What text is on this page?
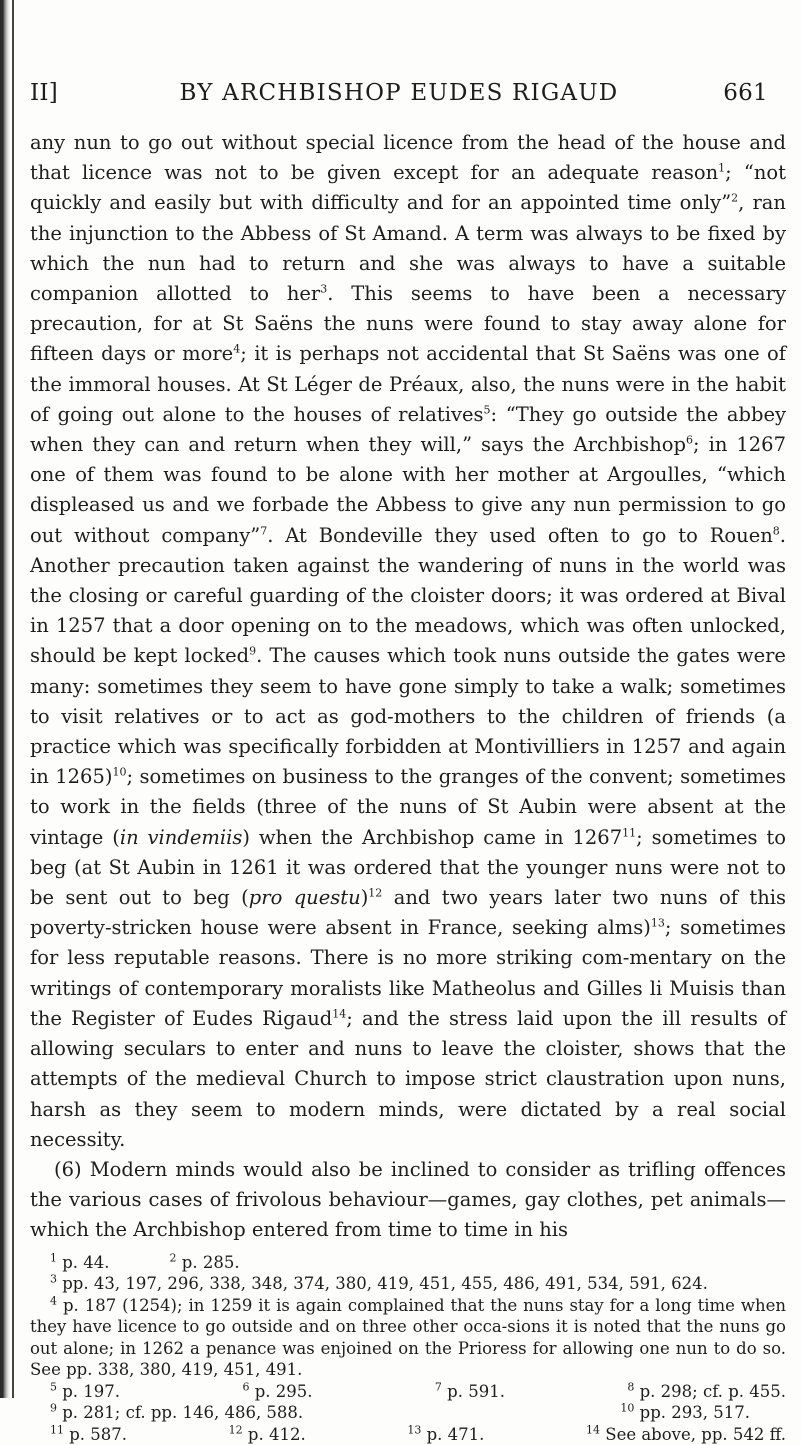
II]	BY ARCHBISHOP EUDES RIGAUD	661

any nun to go out without special licence from the head of the house and that licence was not to be given except for an adequate reason$^1$; “not quickly and easily but with difficulty and for an appointed time only”$^2$, ran the injunction to the Abbess of St Amand. A term was always to be fixed by which the nun had to return and she was always to have a suitable companion allotted to her$^3$. This seems to have been a necessary precaution, for at St Saëns the nuns were found to stay away alone for fifteen days or more$^4$; it is perhaps not accidental that St Saëns was one of the immoral houses. At St Léger de Préaux, also, the nuns were in the habit of going out alone to the houses of relatives$^5$: “They go outside the abbey when they can and return when they will,” says the Archbishop$^6$; in 1267 one of them was found to be alone with her mother at Argoulles, “which displeased us and we forbade the Abbess to give any nun permission to go out without company”$^7$. At Bondeville they used often to go to Rouen$^8$. Another precaution taken against the wandering of nuns in the world was the closing or careful guarding of the cloister doors; it was ordered at Bival in 1257 that a door opening on to the meadows, which was often unlocked, should be kept locked$^9$. The causes which took nuns outside the gates were many: sometimes they seem to have gone simply to take a walk; sometimes to visit relatives or to act as god-mothers to the children of friends (a practice which was specifically forbidden at Montivilliers in 1257 and again in 1265)$^{10}$; sometimes on business to the granges of the convent; sometimes to work in the fields (three of the nuns of St Aubin were absent at the vintage (in vindemiis) when the Archbishop came in 1267$^{11}$; sometimes to beg (at St Aubin in 1261 it was ordered that the younger nuns were not to be sent out to beg (pro questu)$^{12}$ and two years later two nuns of this poverty-stricken house were absent in France, seeking alms)$^{13}$; sometimes for less reputable reasons. There is no more striking com-mentary on the writings of contemporary moralists like Matheolus and Gilles li Muisis than the Register of Eudes Rigaud$^{14}$; and the stress laid upon the ill results of allowing seculars to enter and nuns to leave the cloister, shows that the attempts of the medieval Church to impose strict claustration upon nuns, harsh as they seem to modern minds, were dictated by a real social necessity.

(6) Modern minds would also be inclined to consider as trifling offences the various cases of frivolous behaviour—games, gay clothes, pet animals—which the Archbishop entered from time to time in his

$^1$ p. 44.	$^2$ p. 285.

$^3$ pp. 43, 197, 296, 338, 348, 374, 380, 419, 451, 455, 486, 491, 534, 591, 624.

$^4$ p. 187 (1254); in 1259 it is again complained that the nuns stay for a long time when they have licence to go outside and on three other occa-sions it is noted that the nuns go out alone; in 1262 a penance was enjoined on the Prioress for allowing one nun to do so. See pp. 338, 380, 419, 451, 491.

$^5$ p. 197.	$^6$ p. 295.	$^7$ p. 591.	$^8$ p. 298; cf. p. 455.
$^9$ p. 281; cf. pp. 146, 486, 588.	$^{10}$ pp. 293, 517.
$^{11}$ p. 587.	$^{12}$ p. 412.	$^{13}$ p. 471.	$^{14}$ See above, pp. 542 ff.
